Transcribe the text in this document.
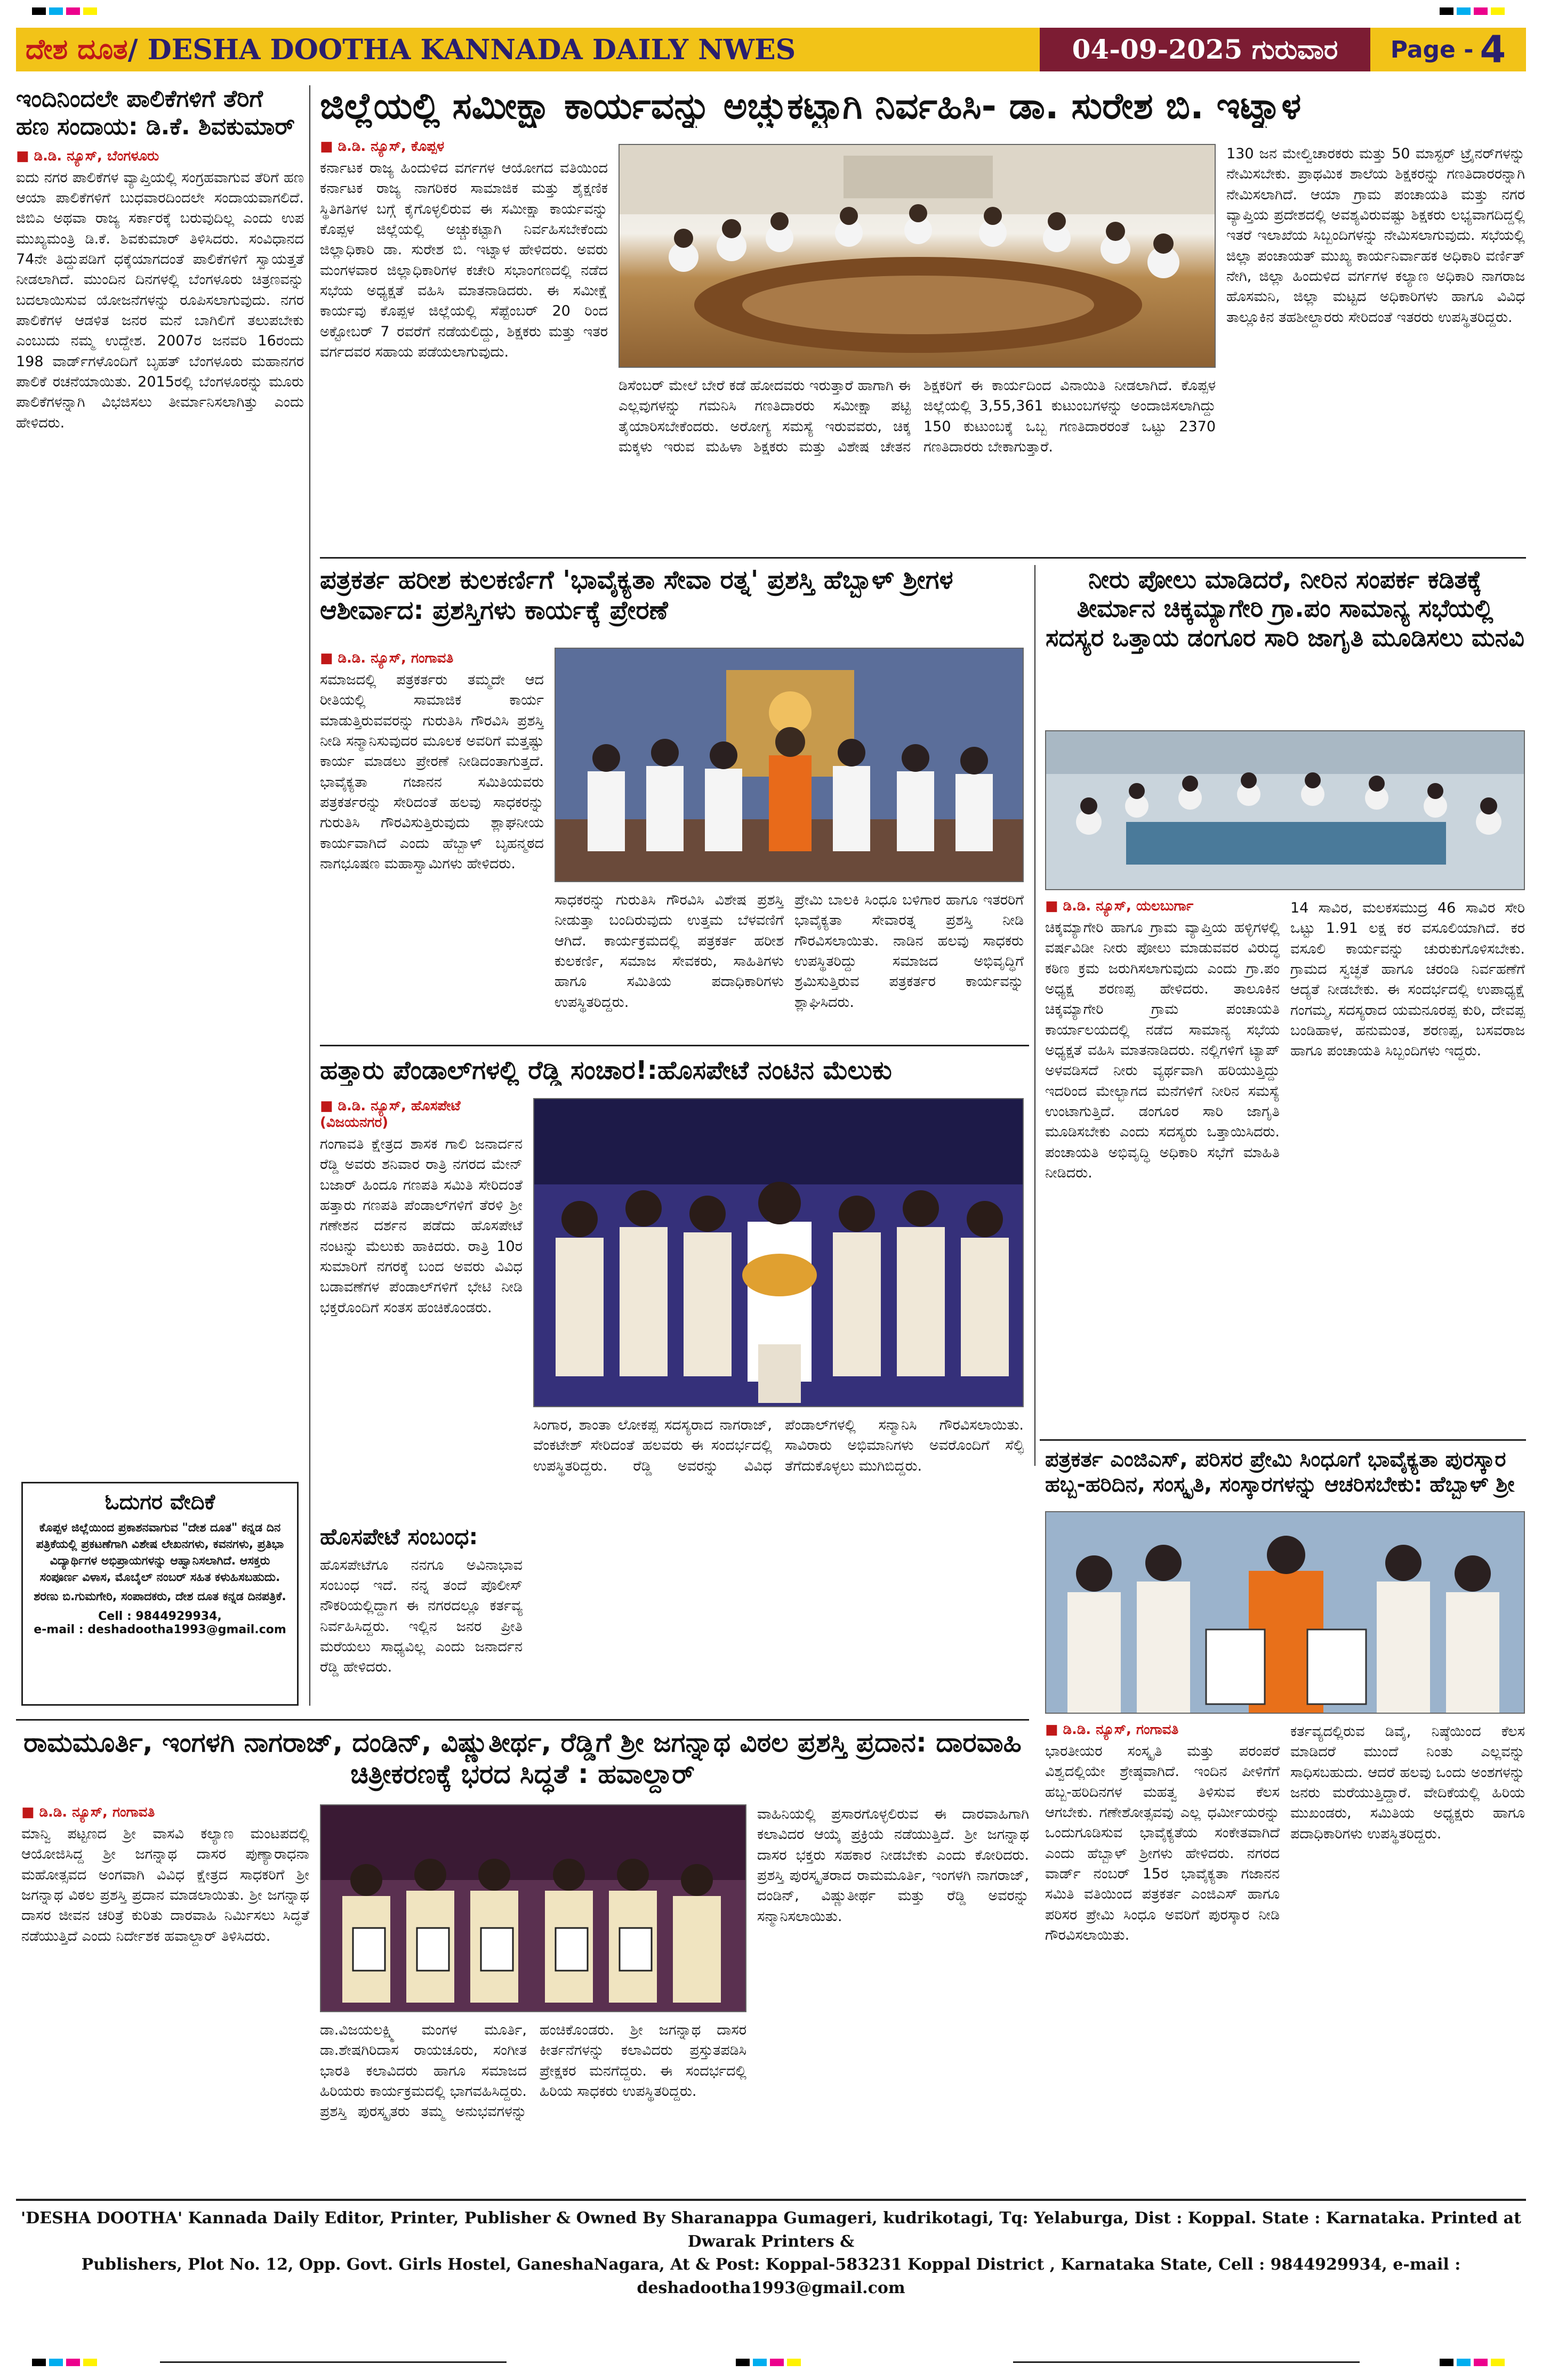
ದೇಶ ದೂತ / DESHA DOOTHA KANNADA DAILY NWES	04-09-2025 ಗುರುವಾರ	Page - 4
ಇಂದಿನಿಂದಲೇ ಪಾಲಿಕೆಗಳಿಗೆ ತೆರಿಗೆ ಹಣ ಸಂದಾಯ: ಡಿ.ಕೆ. ಶಿವಕುಮಾರ್
■ ಡಿ.ಡಿ. ನ್ಯೂಸ್, ಬೆಂಗಳೂರು
ಐದು ನಗರ ಪಾಲಿಕೆಗಳ ವ್ಯಾಪ್ತಿಯಲ್ಲಿ ಸಂಗ್ರಹವಾಗುವ ತೆರಿಗೆ ಹಣ ಆಯಾ ಪಾಲಿಕೆಗಳಿಗೆ ಬುಧವಾರದಿಂದಲೇ ಸಂದಾಯವಾಗಲಿದೆ. ಜಿಬಿಎ ಅಥವಾ ರಾಜ್ಯ ಸರ್ಕಾರಕ್ಕೆ ಬರುವುದಿಲ್ಲ ಎಂದು ಉಪ ಮುಖ್ಯಮಂತ್ರಿ ಡಿ.ಕೆ. ಶಿವಕುಮಾರ್ ತಿಳಿಸಿದರು. ಸಂವಿಧಾನದ 74ನೇ ತಿದ್ದುಪಡಿಗೆ ಧಕ್ಕೆಯಾಗದಂತೆ ಪಾಲಿಕೆಗಳಿಗೆ ಸ್ವಾಯತ್ತತೆ ನೀಡಲಾಗಿದೆ. ಮುಂದಿನ ದಿನಗಳಲ್ಲಿ ಬೆಂಗಳೂರು ಚಿತ್ರಣವನ್ನು ಬದಲಾಯಿಸುವ ಯೋಜನೆಗಳನ್ನು ರೂಪಿಸಲಾಗುವುದು. ನಗರ ಪಾಲಿಕೆಗಳ ಆಡಳಿತ ಜನರ ಮನೆ ಬಾಗಿಲಿಗೆ ತಲುಪಬೇಕು ಎಂಬುದು ನಮ್ಮ ಉದ್ದೇಶ. 2007ರ ಜನವರಿ 16ರಂದು 198 ವಾರ್ಡ್‌ಗಳೊಂದಿಗೆ ಬೃಹತ್ ಬೆಂಗಳೂರು ಮಹಾನಗರ ಪಾಲಿಕೆ ರಚನೆಯಾಯಿತು. 2015ರಲ್ಲಿ ಬೆಂಗಳೂರನ್ನು ಮೂರು ಪಾಲಿಕೆಗಳನ್ನಾಗಿ ವಿಭಜಿಸಲು ತೀರ್ಮಾನಿಸಲಾಗಿತ್ತು ಎಂದು ಹೇಳಿದರು.
ಓದುಗರ ವೇದಿಕೆ
ಕೊಪ್ಪಳ ಜಿಲ್ಲೆಯಿಂದ ಪ್ರಕಾಶನವಾಗುವ "ದೇಶ ದೂತ" ಕನ್ನಡ ದಿನ ಪತ್ರಿಕೆಯಲ್ಲಿ ಪ್ರಕಟಣೆಗಾಗಿ ವಿಶೇಷ ಲೇಖನಗಳು, ಕವನಗಳು, ಪ್ರತಿಭಾ ವಿದ್ಯಾರ್ಥಿಗಳ ಅಭಿಪ್ರಾಯಗಳನ್ನು ಆಹ್ವಾನಿಸಲಾಗಿದೆ. ಆಸಕ್ತರು ಸಂಪೂರ್ಣ ವಿಳಾಸ, ಮೊಬೈಲ್ ನಂಬರ್ ಸಹಿತ ಕಳುಹಿಸಬಹುದು.
ಶರಣು ಬಿ.ಗುಮಗೇರಿ, ಸಂಪಾದಕರು, ದೇಶ ದೂತ ಕನ್ನಡ ದಿನಪತ್ರಿಕೆ.
Cell : 9844929934,
e-mail : deshadootha1993@gmail.com
ಜಿಲ್ಲೆಯಲ್ಲಿ ಸಮೀಕ್ಷಾ ಕಾರ್ಯವನ್ನು ಅಚ್ಚುಕಟ್ಟಾಗಿ ನಿರ್ವಹಿಸಿ- ಡಾ. ಸುರೇಶ ಬಿ. ಇಟ್ನಾಳ
■ ಡಿ.ಡಿ. ನ್ಯೂಸ್, ಕೊಪ್ಪಳ
ಕರ್ನಾಟಕ ರಾಜ್ಯ ಹಿಂದುಳಿದ ವರ್ಗಗಳ ಆಯೋಗದ ವತಿಯಿಂದ ಕರ್ನಾಟಕ ರಾಜ್ಯ ನಾಗರಿಕರ ಸಾಮಾಜಿಕ ಮತ್ತು ಶೈಕ್ಷಣಿಕ ಸ್ಥಿತಿಗತಿಗಳ ಬಗ್ಗೆ ಕೈಗೊಳ್ಳಲಿರುವ ಈ ಸಮೀಕ್ಷಾ ಕಾರ್ಯವನ್ನು ಕೊಪ್ಪಳ ಜಿಲ್ಲೆಯಲ್ಲಿ ಅಚ್ಚುಕಟ್ಟಾಗಿ ನಿರ್ವಹಿಸಬೇಕೆಂದು ಜಿಲ್ಲಾಧಿಕಾರಿ ಡಾ. ಸುರೇಶ ಬಿ. ಇಟ್ನಾಳ ಹೇಳಿದರು. ಅವರು ಮಂಗಳವಾರ ಜಿಲ್ಲಾಧಿಕಾರಿಗಳ ಕಚೇರಿ ಸಭಾಂಗಣದಲ್ಲಿ ನಡೆದ ಸಭೆಯ ಅಧ್ಯಕ್ಷತೆ ವಹಿಸಿ ಮಾತನಾಡಿದರು. ಈ ಸಮೀಕ್ಷೆ ಕಾರ್ಯವು ಕೊಪ್ಪಳ ಜಿಲ್ಲೆಯಲ್ಲಿ ಸೆಪ್ಟೆಂಬರ್ 20 ರಿಂದ ಅಕ್ಟೋಬರ್ 7 ರವರೆಗೆ ನಡೆಯಲಿದ್ದು, ಶಿಕ್ಷಕರು ಮತ್ತು ಇತರ ವರ್ಗದವರ ಸಹಾಯ ಪಡೆಯಲಾಗುವುದು.
ಡಿಸೆಂಬರ್ ಮೇಲೆ ಬೇರೆ ಕಡೆ ಹೋದವರು ಇರುತ್ತಾರೆ ಹಾಗಾಗಿ ಈ ಎಲ್ಲವುಗಳನ್ನು ಗಮನಿಸಿ ಗಣತಿದಾರರು ಸಮೀಕ್ಷಾ ಪಟ್ಟಿ ತೈಯಾರಿಸಬೇಕೆಂದರು. ಅರೋಗ್ಯ ಸಮಸ್ಯೆ ಇರುವವರು, ಚಿಕ್ಕ ಮಕ್ಕಳು ಇರುವ ಮಹಿಳಾ ಶಿಕ್ಷಕರು ಮತ್ತು ವಿಶೇಷ ಚೇತನ ಶಿಕ್ಷಕರಿಗೆ ಈ ಕಾರ್ಯದಿಂದ ವಿನಾಯಿತಿ ನೀಡಲಾಗಿದೆ. ಕೊಪ್ಪಳ ಜಿಲ್ಲೆಯಲ್ಲಿ 3,55,361 ಕುಟುಂಬಗಳನ್ನು ಅಂದಾಜಿಸಲಾಗಿದ್ದು 150 ಕುಟುಂಬಕ್ಕೆ ಒಬ್ಬ ಗಣತಿದಾರರಂತೆ ಒಟ್ಟು 2370 ಗಣತಿದಾರರು ಬೇಕಾಗುತ್ತಾರೆ.
130 ಜನ ಮೇಲ್ವಿಚಾರಕರು ಮತ್ತು 50 ಮಾಸ್ಟರ್ ಟ್ರೈನರ್‌ಗಳನ್ನು ನೇಮಿಸಬೇಕು. ಪ್ರಾಥಮಿಕ ಶಾಲೆಯ ಶಿಕ್ಷಕರನ್ನು ಗಣತಿದಾರರನ್ನಾಗಿ ನೇಮಿಸಲಾಗಿದೆ. ಆಯಾ ಗ್ರಾಮ ಪಂಚಾಯತಿ ಮತ್ತು ನಗರ ವ್ಯಾಪ್ತಿಯ ಪ್ರದೇಶದಲ್ಲಿ ಅವಶ್ಯವಿರುವಷ್ಟು ಶಿಕ್ಷಕರು ಲಭ್ಯವಾಗದಿದ್ದಲ್ಲಿ ಇತರೆ ಇಲಾಖೆಯ ಸಿಬ್ಬಂದಿಗಳನ್ನು ನೇಮಿಸಲಾಗುವುದು. ಸಭೆಯಲ್ಲಿ ಜಿಲ್ಲಾ ಪಂಚಾಯತ್ ಮುಖ್ಯ ಕಾರ್ಯನಿರ್ವಾಹಕ ಅಧಿಕಾರಿ ವರ್ಣಿತ್ ನೇಗಿ, ಜಿಲ್ಲಾ ಹಿಂದುಳಿದ ವರ್ಗಗಳ ಕಲ್ಯಾಣ ಅಧಿಕಾರಿ ನಾಗರಾಜ ಹೊಸಮನಿ, ಜಿಲ್ಲಾ ಮಟ್ಟದ ಅಧಿಕಾರಿಗಳು ಹಾಗೂ ವಿವಿಧ ತಾಲ್ಲೂಕಿನ ತಹಶೀಲ್ದಾರರು ಸೇರಿದಂತೆ ಇತರರು ಉಪಸ್ಥಿತರಿದ್ದರು.
ಪತ್ರಕರ್ತ ಹರೀಶ ಕುಲಕರ್ಣಿಗೆ 'ಭಾವೈಕ್ಯತಾ ಸೇವಾ ರತ್ನ' ಪ್ರಶಸ್ತಿ ಹೆಬ್ಬಾಳ್ ಶ್ರೀಗಳ ಆಶೀರ್ವಾದ: ಪ್ರಶಸ್ತಿಗಳು ಕಾರ್ಯಕ್ಕೆ ಪ್ರೇರಣೆ
■ ಡಿ.ಡಿ. ನ್ಯೂಸ್, ಗಂಗಾವತಿ
ಸಮಾಜದಲ್ಲಿ ಪತ್ರಕರ್ತರು ತಮ್ಮದೇ ಆದ ರೀತಿಯಲ್ಲಿ ಸಾಮಾಜಿಕ ಕಾರ್ಯ ಮಾಡುತ್ತಿರುವವರನ್ನು ಗುರುತಿಸಿ ಗೌರವಿಸಿ ಪ್ರಶಸ್ತಿ ನೀಡಿ ಸನ್ಮಾನಿಸುವುದರ ಮೂಲಕ ಅವರಿಗೆ ಮತ್ತಷ್ಟು ಕಾರ್ಯ ಮಾಡಲು ಪ್ರೇರಣೆ ನೀಡಿದಂತಾಗುತ್ತದೆ. ಭಾವೈಕ್ಯತಾ ಗಜಾನನ ಸಮಿತಿಯವರು ಪತ್ರಕರ್ತರನ್ನು ಸೇರಿದಂತೆ ಹಲವು ಸಾಧಕರನ್ನು ಗುರುತಿಸಿ ಗೌರವಿಸುತ್ತಿರುವುದು ಶ್ಲಾಘನೀಯ ಕಾರ್ಯವಾಗಿದೆ ಎಂದು ಹೆಬ್ಬಾಳ್ ಬೃಹನ್ಮಠದ ನಾಗಭೂಷಣ ಮಹಾಸ್ವಾಮಿಗಳು ಹೇಳಿದರು.
ಸಾಧಕರನ್ನು ಗುರುತಿಸಿ ಗೌರವಿಸಿ ವಿಶೇಷ ಪ್ರಶಸ್ತಿ ನೀಡುತ್ತಾ ಬಂದಿರುವುದು ಉತ್ತಮ ಬೆಳವಣಿಗೆ ಆಗಿದೆ. ಕಾರ್ಯಕ್ರಮದಲ್ಲಿ ಪತ್ರಕರ್ತ ಹರೀಶ ಕುಲಕರ್ಣಿ, ಸಮಾಜ ಸೇವಕರು, ಸಾಹಿತಿಗಳು ಹಾಗೂ ಸಮಿತಿಯ ಪದಾಧಿಕಾರಿಗಳು ಉಪಸ್ಥಿತರಿದ್ದರು.
ಪ್ರೇಮಿ ಬಾಲಕಿ ಸಿಂಧೂ ಬಳಿಗಾರ ಹಾಗೂ ಇತರರಿಗೆ ಭಾವೈಕ್ಯತಾ ಸೇವಾರತ್ನ ಪ್ರಶಸ್ತಿ ನೀಡಿ ಗೌರವಿಸಲಾಯಿತು. ನಾಡಿನ ಹಲವು ಸಾಧಕರು ಉಪಸ್ಥಿತರಿದ್ದು ಸಮಾಜದ ಅಭಿವೃದ್ಧಿಗೆ ಶ್ರಮಿಸುತ್ತಿರುವ ಪತ್ರಕರ್ತರ ಕಾರ್ಯವನ್ನು ಶ್ಲಾಘಿಸಿದರು.
ಹತ್ತಾರು ಪೆಂಡಾಲ್‌ಗಳಲ್ಲಿ ರೆಡ್ಡಿ ಸಂಚಾರ!:ಹೊಸಪೇಟೆ ನಂಟಿನ ಮೆಲುಕು
■ ಡಿ.ಡಿ. ನ್ಯೂಸ್, ಹೊಸಪೇಟೆ (ವಿಜಯನಗರ)
ಗಂಗಾವತಿ ಕ್ಷೇತ್ರದ ಶಾಸಕ ಗಾಲಿ ಜನಾರ್ದನ ರೆಡ್ಡಿ ಅವರು ಶನಿವಾರ ರಾತ್ರಿ ನಗರದ ಮೇನ್ ಬಜಾರ್ ಹಿಂದೂ ಗಣಪತಿ ಸಮಿತಿ ಸೇರಿದಂತೆ ಹತ್ತಾರು ಗಣಪತಿ ಪೆಂಡಾಲ್‌ಗಳಿಗೆ ತೆರಳಿ ಶ್ರೀ ಗಣೇಶನ ದರ್ಶನ ಪಡೆದು ಹೊಸಪೇಟೆ ನಂಟನ್ನು ಮೆಲುಕು ಹಾಕಿದರು. ರಾತ್ರಿ 10ರ ಸುಮಾರಿಗೆ ನಗರಕ್ಕೆ ಬಂದ ಅವರು ವಿವಿಧ ಬಡಾವಣೆಗಳ ಪೆಂಡಾಲ್‌ಗಳಿಗೆ ಭೇಟಿ ನೀಡಿ ಭಕ್ತರೊಂದಿಗೆ ಸಂತಸ ಹಂಚಿಕೊಂಡರು.
ಹೊಸಪೇಟೆ ಸಂಬಂಧ:
ಹೊಸಪೇಟೆಗೂ ನನಗೂ ಅವಿನಾಭಾವ ಸಂಬಂಧ ಇದೆ. ನನ್ನ ತಂದೆ ಪೊಲೀಸ್ ನೌಕರಿಯಲ್ಲಿದ್ದಾಗ ಈ ನಗರದಲ್ಲೂ ಕರ್ತವ್ಯ ನಿರ್ವಹಿಸಿದ್ದರು. ಇಲ್ಲಿನ ಜನರ ಪ್ರೀತಿ ಮರೆಯಲು ಸಾಧ್ಯವಿಲ್ಲ ಎಂದು ಜನಾರ್ದನ ರೆಡ್ಡಿ ಹೇಳಿದರು.
ಸಿಂಗಾರ, ಶಾಂತಾ ಲೋಕಪ್ಪ ಸದಸ್ಯರಾದ ನಾಗರಾಜ್, ವೆಂಕಟೇಶ್ ಸೇರಿದಂತೆ ಹಲವರು ಈ ಸಂದರ್ಭದಲ್ಲಿ ಉಪಸ್ಥಿತರಿದ್ದರು. ರೆಡ್ಡಿ ಅವರನ್ನು ವಿವಿಧ ಪೆಂಡಾಲ್‌ಗಳಲ್ಲಿ ಸನ್ಮಾನಿಸಿ ಗೌರವಿಸಲಾಯಿತು. ಸಾವಿರಾರು ಅಭಿಮಾನಿಗಳು ಅವರೊಂದಿಗೆ ಸೆಲ್ಫಿ ತೆಗೆದುಕೊಳ್ಳಲು ಮುಗಿಬಿದ್ದರು.
ನೀರು ಪೋಲು ಮಾಡಿದರೆ, ನೀರಿನ ಸಂಪರ್ಕ ಕಡಿತಕ್ಕೆ ತೀರ್ಮಾನ ಚಿಕ್ಕಮ್ಯಾಗೇರಿ ಗ್ರಾ.ಪಂ ಸಾಮಾನ್ಯ ಸಭೆಯಲ್ಲಿ ಸದಸ್ಯರ ಒತ್ತಾಯ ಡಂಗೂರ ಸಾರಿ ಜಾಗೃತಿ ಮೂಡಿಸಲು ಮನವಿ
■ ಡಿ.ಡಿ. ನ್ಯೂಸ್, ಯಲಬುರ್ಗಾ
ಚಿಕ್ಕಮ್ಯಾಗೇರಿ ಹಾಗೂ ಗ್ರಾಮ ವ್ಯಾಪ್ತಿಯ ಹಳ್ಳಿಗಳಲ್ಲಿ ವರ್ಷವಿಡೀ ನೀರು ಪೋಲು ಮಾಡುವವರ ವಿರುದ್ಧ ಕಠಿಣ ಕ್ರಮ ಜರುಗಿಸಲಾಗುವುದು ಎಂದು ಗ್ರಾ.ಪಂ ಅಧ್ಯಕ್ಷ ಶರಣಪ್ಪ ಹೇಳಿದರು. ತಾಲೂಕಿನ ಚಿಕ್ಕಮ್ಯಾಗೇರಿ ಗ್ರಾಮ ಪಂಚಾಯತಿ ಕಾರ್ಯಾಲಯದಲ್ಲಿ ನಡೆದ ಸಾಮಾನ್ಯ ಸಭೆಯ ಅಧ್ಯಕ್ಷತೆ ವಹಿಸಿ ಮಾತನಾಡಿದರು. ನಲ್ಲಿಗಳಿಗೆ ಟ್ಯಾಪ್ ಅಳವಡಿಸದೆ ನೀರು ವ್ಯರ್ಥವಾಗಿ ಹರಿಯುತ್ತಿದ್ದು ಇದರಿಂದ ಮೇಲ್ಭಾಗದ ಮನೆಗಳಿಗೆ ನೀರಿನ ಸಮಸ್ಯೆ ಉಂಟಾಗುತ್ತಿದೆ. ಡಂಗೂರ ಸಾರಿ ಜಾಗೃತಿ ಮೂಡಿಸಬೇಕು ಎಂದು ಸದಸ್ಯರು ಒತ್ತಾಯಿಸಿದರು. ಪಂಚಾಯತಿ ಅಭಿವೃದ್ಧಿ ಅಧಿಕಾರಿ ಸಭೆಗೆ ಮಾಹಿತಿ ನೀಡಿದರು.
14 ಸಾವಿರ, ಮಲಕಸಮುದ್ರ 46 ಸಾವಿರ ಸೇರಿ ಒಟ್ಟು 1.91 ಲಕ್ಷ ಕರ ವಸೂಲಿಯಾಗಿದೆ. ಕರ ವಸೂಲಿ ಕಾರ್ಯವನ್ನು ಚುರುಕುಗೊಳಿಸಬೇಕು. ಗ್ರಾಮದ ಸ್ವಚ್ಛತೆ ಹಾಗೂ ಚರಂಡಿ ನಿರ್ವಹಣೆಗೆ ಆದ್ಯತೆ ನೀಡಬೇಕು. ಈ ಸಂದರ್ಭದಲ್ಲಿ ಉಪಾಧ್ಯಕ್ಷೆ ಗಂಗಮ್ಮ, ಸದಸ್ಯರಾದ ಯಮನೂರಪ್ಪ ಕುರಿ, ದೇವಪ್ಪ ಬಂಡಿಹಾಳ, ಹನುಮಂತ, ಶರಣಪ್ಪ, ಬಸವರಾಜ ಹಾಗೂ ಪಂಚಾಯತಿ ಸಿಬ್ಬಂದಿಗಳು ಇದ್ದರು.
ಪತ್ರಕರ್ತ ಎಂಜಿಎಸ್, ಪರಿಸರ ಪ್ರೇಮಿ ಸಿಂಧೂಗೆ ಭಾವೈಕ್ಯತಾ ಪುರಸ್ಕಾರ ಹಬ್ಬ-ಹರಿದಿನ, ಸಂಸ್ಕೃತಿ, ಸಂಸ್ಕಾರಗಳನ್ನು ಆಚರಿಸಬೇಕು: ಹೆಬ್ಬಾಳ್ ಶ್ರೀ
■ ಡಿ.ಡಿ. ನ್ಯೂಸ್, ಗಂಗಾವತಿ
ಭಾರತೀಯರ ಸಂಸ್ಕೃತಿ ಮತ್ತು ಪರಂಪರೆ ವಿಶ್ವದಲ್ಲಿಯೇ ಶ್ರೇಷ್ಠವಾಗಿದೆ. ಇಂದಿನ ಪೀಳಿಗೆಗೆ ಹಬ್ಬ-ಹರಿದಿನಗಳ ಮಹತ್ವ ತಿಳಿಸುವ ಕೆಲಸ ಆಗಬೇಕು. ಗಣೇಶೋತ್ಸವವು ಎಲ್ಲ ಧರ್ಮೀಯರನ್ನು ಒಂದುಗೂಡಿಸುವ ಭಾವೈಕ್ಯತೆಯ ಸಂಕೇತವಾಗಿದೆ ಎಂದು ಹೆಬ್ಬಾಳ್ ಶ್ರೀಗಳು ಹೇಳಿದರು. ನಗರದ ವಾರ್ಡ್ ನಂಬರ್ 15ರ ಭಾವೈಕ್ಯತಾ ಗಜಾನನ ಸಮಿತಿ ವತಿಯಿಂದ ಪತ್ರಕರ್ತ ಎಂಜಿಎಸ್ ಹಾಗೂ ಪರಿಸರ ಪ್ರೇಮಿ ಸಿಂಧೂ ಅವರಿಗೆ ಪುರಸ್ಕಾರ ನೀಡಿ ಗೌರವಿಸಲಾಯಿತು.
ಕರ್ತವ್ಯದಲ್ಲಿರುವ ಡಿವೈ, ನಿಷ್ಠೆಯಿಂದ ಕೆಲಸ ಮಾಡಿದರೆ ಮುಂದೆ ನಿಂತು ಎಲ್ಲವನ್ನು ಸಾಧಿಸಬಹುದು. ಆದರೆ ಹಲವು ಒಂದು ಅಂಶಗಳನ್ನು ಜನರು ಮರೆಯುತ್ತಿದ್ದಾರೆ. ವೇದಿಕೆಯಲ್ಲಿ ಹಿರಿಯ ಮುಖಂಡರು, ಸಮಿತಿಯ ಅಧ್ಯಕ್ಷರು ಹಾಗೂ ಪದಾಧಿಕಾರಿಗಳು ಉಪಸ್ಥಿತರಿದ್ದರು.
ರಾಮಮೂರ್ತಿ, ಇಂಗಳಗಿ ನಾಗರಾಜ್, ದಂಡಿನ್, ವಿಷ್ಣುತೀರ್ಥ, ರೆಡ್ಡಿಗೆ ಶ್ರೀ ಜಗನ್ನಾಥ ವಿಠಲ ಪ್ರಶಸ್ತಿ ಪ್ರದಾನ: ದಾರವಾಹಿ ಚಿತ್ರೀಕರಣಕ್ಕೆ ಭರದ ಸಿದ್ಧತೆ : ಹವಾಲ್ದಾರ್
■ ಡಿ.ಡಿ. ನ್ಯೂಸ್, ಗಂಗಾವತಿ
ಮಾನ್ವಿ ಪಟ್ಟಣದ ಶ್ರೀ ವಾಸವಿ ಕಲ್ಯಾಣ ಮಂಟಪದಲ್ಲಿ ಆಯೋಜಿಸಿದ್ದ ಶ್ರೀ ಜಗನ್ನಾಥ ದಾಸರ ಪುಣ್ಯಾರಾಧನಾ ಮಹೋತ್ಸವದ ಅಂಗವಾಗಿ ವಿವಿಧ ಕ್ಷೇತ್ರದ ಸಾಧಕರಿಗೆ ಶ್ರೀ ಜಗನ್ನಾಥ ವಿಠಲ ಪ್ರಶಸ್ತಿ ಪ್ರದಾನ ಮಾಡಲಾಯಿತು. ಶ್ರೀ ಜಗನ್ನಾಥ ದಾಸರ ಜೀವನ ಚರಿತ್ರೆ ಕುರಿತು ದಾರವಾಹಿ ನಿರ್ಮಿಸಲು ಸಿದ್ಧತೆ ನಡೆಯುತ್ತಿದೆ ಎಂದು ನಿರ್ದೇಶಕ ಹವಾಲ್ದಾರ್ ತಿಳಿಸಿದರು.
ಡಾ.ವಿಜಯಲಕ್ಷ್ಮಿ ಮಂಗಳ ಮೂರ್ತಿ, ಡಾ.ಶೇಷಗಿರಿದಾಸ ರಾಯಚೂರು, ಸಂಗೀತ ಭಾರತಿ ಕಲಾವಿದರು ಹಾಗೂ ಸಮಾಜದ ಹಿರಿಯರು ಕಾರ್ಯಕ್ರಮದಲ್ಲಿ ಭಾಗವಹಿಸಿದ್ದರು. ಪ್ರಶಸ್ತಿ ಪುರಸ್ಕೃತರು ತಮ್ಮ ಅನುಭವಗಳನ್ನು ಹಂಚಿಕೊಂಡರು. ಶ್ರೀ ಜಗನ್ನಾಥ ದಾಸರ ಕೀರ್ತನೆಗಳನ್ನು ಕಲಾವಿದರು ಪ್ರಸ್ತುತಪಡಿಸಿ ಪ್ರೇಕ್ಷಕರ ಮನಗೆದ್ದರು. ಈ ಸಂದರ್ಭದಲ್ಲಿ ಹಿರಿಯ ಸಾಧಕರು ಉಪಸ್ಥಿತರಿದ್ದರು.
ವಾಹಿನಿಯಲ್ಲಿ ಪ್ರಸಾರಗೊಳ್ಳಲಿರುವ ಈ ದಾರವಾಹಿಗಾಗಿ ಕಲಾವಿದರ ಆಯ್ಕೆ ಪ್ರಕ್ರಿಯೆ ನಡೆಯುತ್ತಿದೆ. ಶ್ರೀ ಜಗನ್ನಾಥ ದಾಸರ ಭಕ್ತರು ಸಹಕಾರ ನೀಡಬೇಕು ಎಂದು ಕೋರಿದರು. ಪ್ರಶಸ್ತಿ ಪುರಸ್ಕೃತರಾದ ರಾಮಮೂರ್ತಿ, ಇಂಗಳಗಿ ನಾಗರಾಜ್, ದಂಡಿನ್, ವಿಷ್ಣುತೀರ್ಥ ಮತ್ತು ರೆಡ್ಡಿ ಅವರನ್ನು ಸನ್ಮಾನಿಸಲಾಯಿತು.
'DESHA DOOTHA' Kannada Daily Editor, Printer, Publisher & Owned By Sharanappa Gumageri, kudrikotagi, Tq: Yelaburga, Dist : Koppal. State : Karnataka. Printed at Dwarak Printers &
Publishers, Plot No. 12, Opp. Govt. Girls Hostel, GaneshaNagara, At & Post: Koppal-583231 Koppal District , Karnataka State, Cell : 9844929934, e-mail : deshadootha1993@gmail.com
